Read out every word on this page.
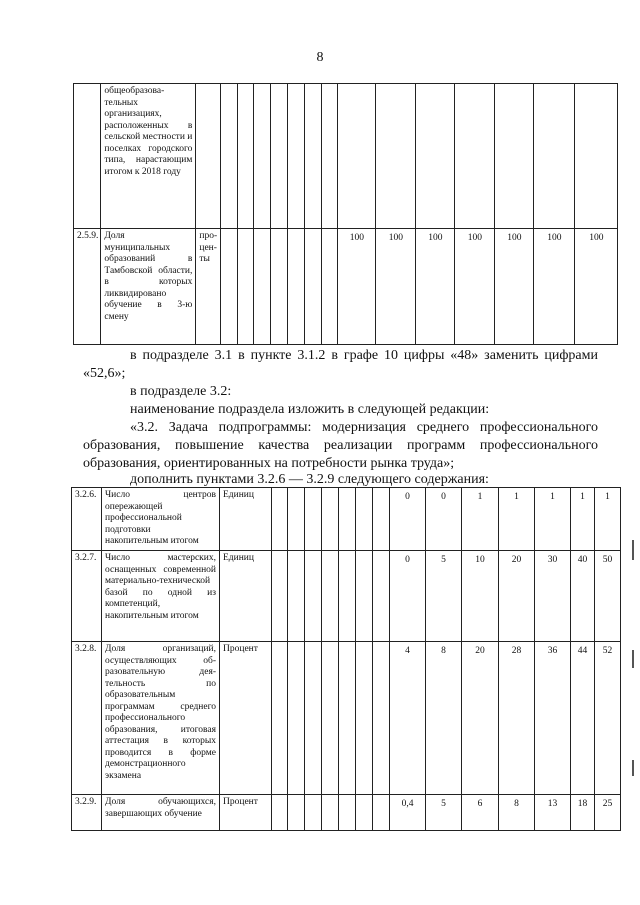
8
	общеобразова-тельных организациях, расположенных в сельской местности и поселках городского типа, нарастающим итогом к 2018 году															
2.5.9.	Доля муниципальных образований в Тамбовской области, в которых ликвидировано обучение в 3-ю смену	про-цен-ты								100	100	100	100	100	100	100
в подразделе 3.1 в пункте 3.1.2 в графе 10 цифры «48» заменить цифрами «52,6»;
в подразделе 3.2:
наименование подраздела изложить в следующей редакции:
«3.2. Задача подпрограммы: модернизация среднего профессионального образования, повышение качества реализации программ профессионального образования, ориентированных на потребности рынка труда»;
дополнить пунктами 3.2.6 — 3.2.9 следующего содержания:
3.2.6.	Число центров опережающей профессиональной подготовки накопительным итогом	Единиц								0	0	1	1	1	1	1
3.2.7.	Число мастерских, оснащенных современной материально-технической базой по одной из компетенций, накопительным итогом	Единиц								0	5	10	20	30	40	50
3.2.8.	Доля организаций, осуществляющих об-разовательную дея-тельность по образовательным программам среднего профессионального образования, итоговая аттестация в которых проводится в форме демонстрационного экзамена	Процент								4	8	20	28	36	44	52
3.2.9.	Доля обучающихся, завершающих обучение	Процент								0,4	5	6	8	13	18	25
